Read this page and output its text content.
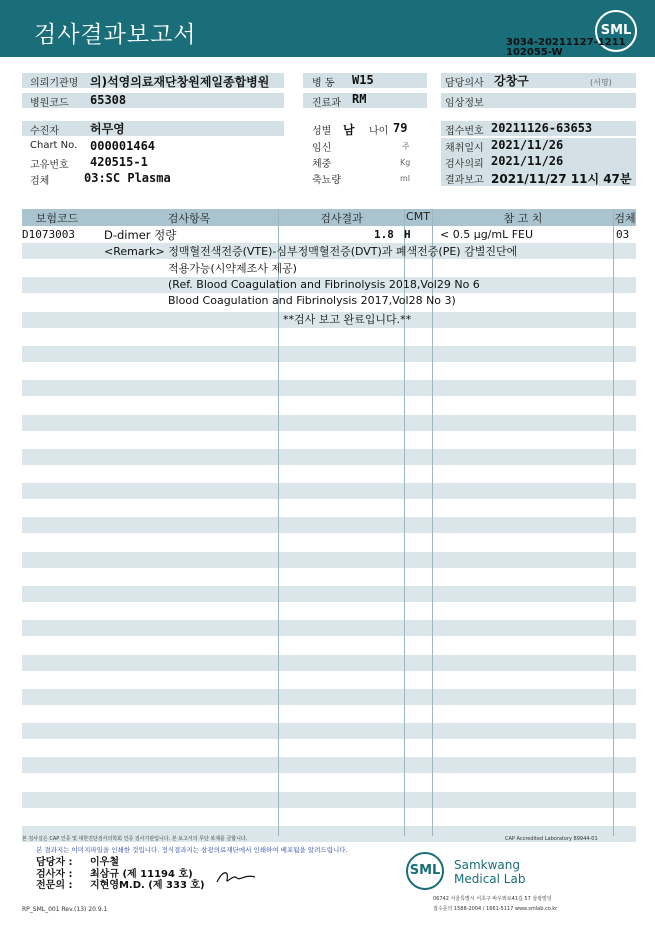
검사결과보고서	SML
3034-20211127-1211
102055-W
의뢰기관명 의)석영의료재단창원제일종합병원	병 동 W15	담당의사 강창구	(서명)
병원코드 65308	진료과 RM	임상정보
수진자	허무영
Chart No. 000001464
고유번호 420515-1
검체	03:SC Plasma
성별 남 나이 79
임신	주
체중	Kg
축뇨량	ml
접수번호 20211126-63653
채취일시 2021/11/26
검사의뢰 2021/11/26
결과보고 2021/11/27 11시 47분
보험코드	검사항목	검사결과	CMT	참 고 치	검체
D1073003	D-dimer 정량	1.8 H	< 0.5 μg/mL FEU	03
<Remark> 정맥혈전색전증(VTE)-심부정맥혈전증(DVT)과 폐색전증(PE) 감별진단에
적용가능(시약제조사 제공)
(Ref. Blood Coagulation and Fibrinolysis 2018,Vol29 No 6
Blood Coagulation and Fibrinolysis 2017,Vol28 No 3)
**검사 보고 완료입니다.**
본 검사실은 CAP 인증 및 대한진단검사의학회 인증 검사기관입니다. 본 보고서의 무단 복제를 금합니다.	CAP Accredited Laboratory 89944-01
본 결과지는 이미지파일을 인쇄한 것입니다. 정식결과지는 삼광의료재단에서 인쇄하여 배포됨을 알려드립니다.
담당자 : 이우철
검사자 : 최삼규 (제 11194 호)
전문의 : 지현영M.D. (제 333 호)
SML	Samkwang
Medical Lab
06742 서울특별시 서초구 바우뫼로41길 57 삼광빌딩
접수문의 1588-2004 / 1661-5117 www.smlab.co.kr
RP_SML_001 Rev.(13) 20.9.1
